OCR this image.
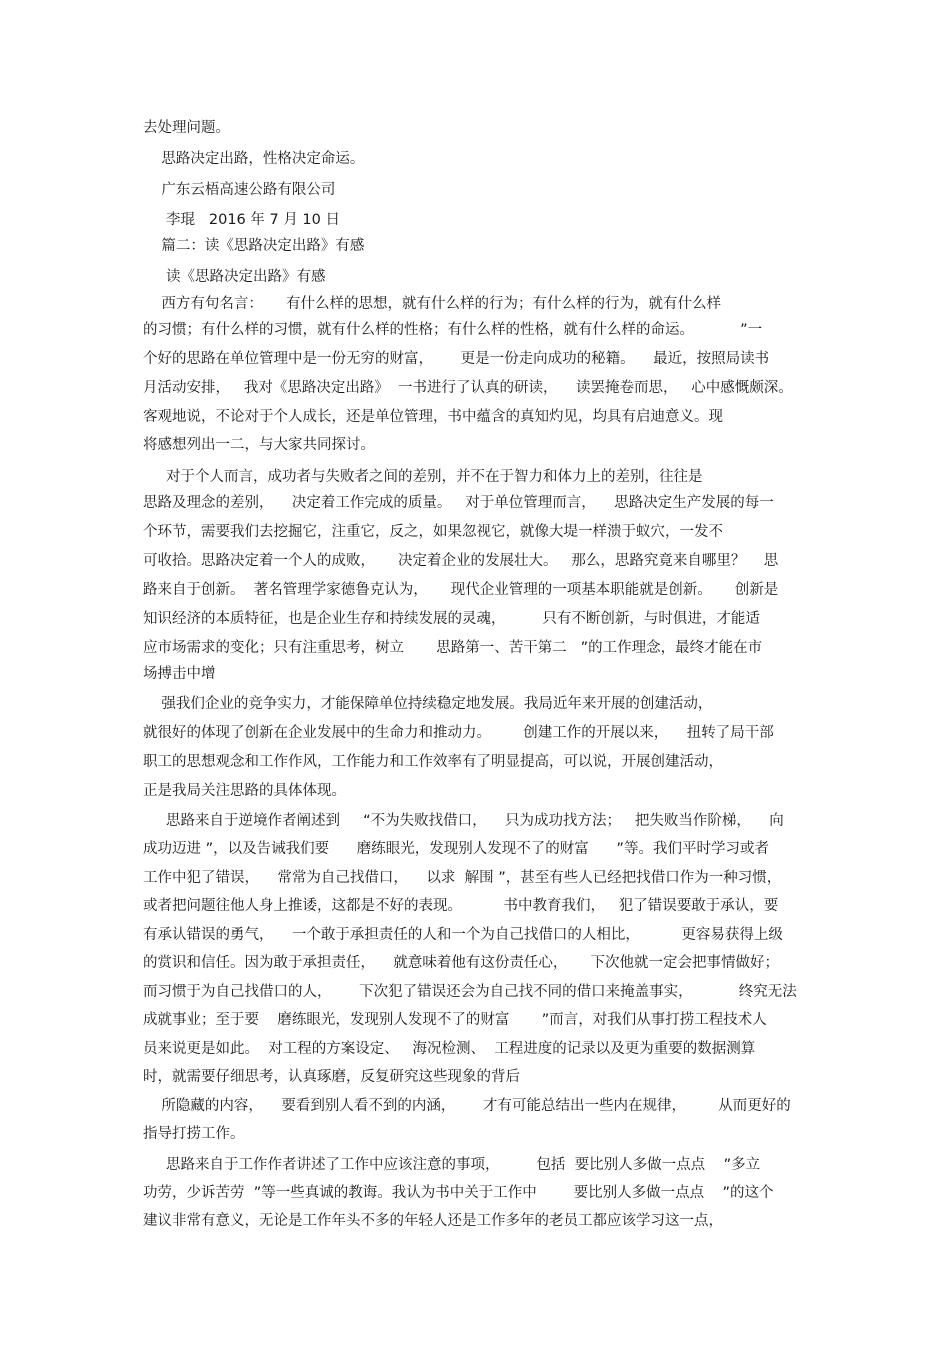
去处理问题。
思路决定出路，性格决定命运。
广东云梧高速公路有限公司
李琨   2016 年 7 月 10 日
篇二：读《思路决定出路》有感
读《思路决定出路》有感
西方有句名言：     有什么样的思想，就有什么样的行为；有什么样的行为，就有什么样
的习惯；有什么样的习惯，就有什么样的性格；有什么样的性格，就有什么样的命运。          ”一
个好的思路在单位管理中是一份无穷的财富，      更是一份走向成功的秘籍。    最近，按照局读书
月活动安排，   我对《思路决定出路》  一书进行了认真的研读，    读罢掩卷而思，   心中感慨颇深。
客观地说，不论对于个人成长，还是单位管理，书中蕴含的真知灼见，均具有启迪意义。现
将感想列出一二，与大家共同探讨。
对于个人而言，成功者与失败者之间的差别，并不在于智力和体力上的差别，往往是
思路及理念的差别，    决定着工作完成的质量。   对于单位管理而言，    思路决定生产发展的每一
个环节，需要我们去挖掘它，注重它，反之，如果忽视它，就像大堤一样溃于蚁穴，一发不
可收拾。思路决定着一个人的成败，     决定着企业的发展壮大。   那么，思路究竟来自哪里？    思
路来自于创新。  著名管理学家德鲁克认为，     现代企业管理的一项基本职能就是创新。     创新是
知识经济的本质特征，也是企业生存和持续发展的灵魂，        只有不断创新，与时俱进，才能适
应市场需求的变化；只有注重思考，树立       思路第一、苦干第二   ”的工作理念，最终才能在市
场搏击中增
强我们企业的竞争实力，才能保障单位持续稳定地发展。我局近年来开展的创建活动，
就很好的体现了创新在企业发展中的生命力和推动力。       创建工作的开展以来，    扭转了局干部
职工的思想观念和工作作风，工作能力和工作效率有了明显提高，可以说，开展创建活动，
正是我局关注思路的具体体现。
思路来自于逆境作者阐述到     “不为失败找借口，    只为成功找方法；   把失败当作阶梯，    向
成功迈进 ”，以及告诫我们要      磨练眼光，发现别人发现不了的财富      ”等。我们平时学习或者
工作中犯了错误，    常常为自己找借口，    以求  解围 ”，甚至有些人已经把找借口作为一种习惯，
或者把问题往他人身上推诿，这都是不好的表现。         书中教育我们，   犯了错误要敢于承认，要
有承认错误的勇气，    一个敢于承担责任的人和一个为自己找借口的人相比，         更容易获得上级
的赏识和信任。因为敢于承担责任，    就意味着他有这份责任心，     下次他就一定会把事情做好；
而习惯于为自己找借口的人，      下次犯了错误还会为自己找不同的借口来掩盖事实，          终究无法
成就事业；至于要    磨练眼光，发现别人发现不了的财富       ”而言，对我们从事打捞工程技术人
员来说更是如此。  对工程的方案设定、   海况检测、  工程进度的记录以及更为重要的数据测算
时，就需要仔细思考，认真琢磨，反复研究这些现象的背后
所隐藏的内容，    要看到别人看不到的内涵，      才有可能总结出一些内在规律，       从而更好的
指导打捞工作。
思路来自于工作作者讲述了工作中应该注意的事项，        包括  要比别人多做一点点    ”多立
功劳，少诉苦劳  ”等一些真诚的教诲。我认为书中关于工作中        要比别人多做一点点    ”的这个
建议非常有意义，无论是工作年头不多的年轻人还是工作多年的老员工都应该学习这一点，
